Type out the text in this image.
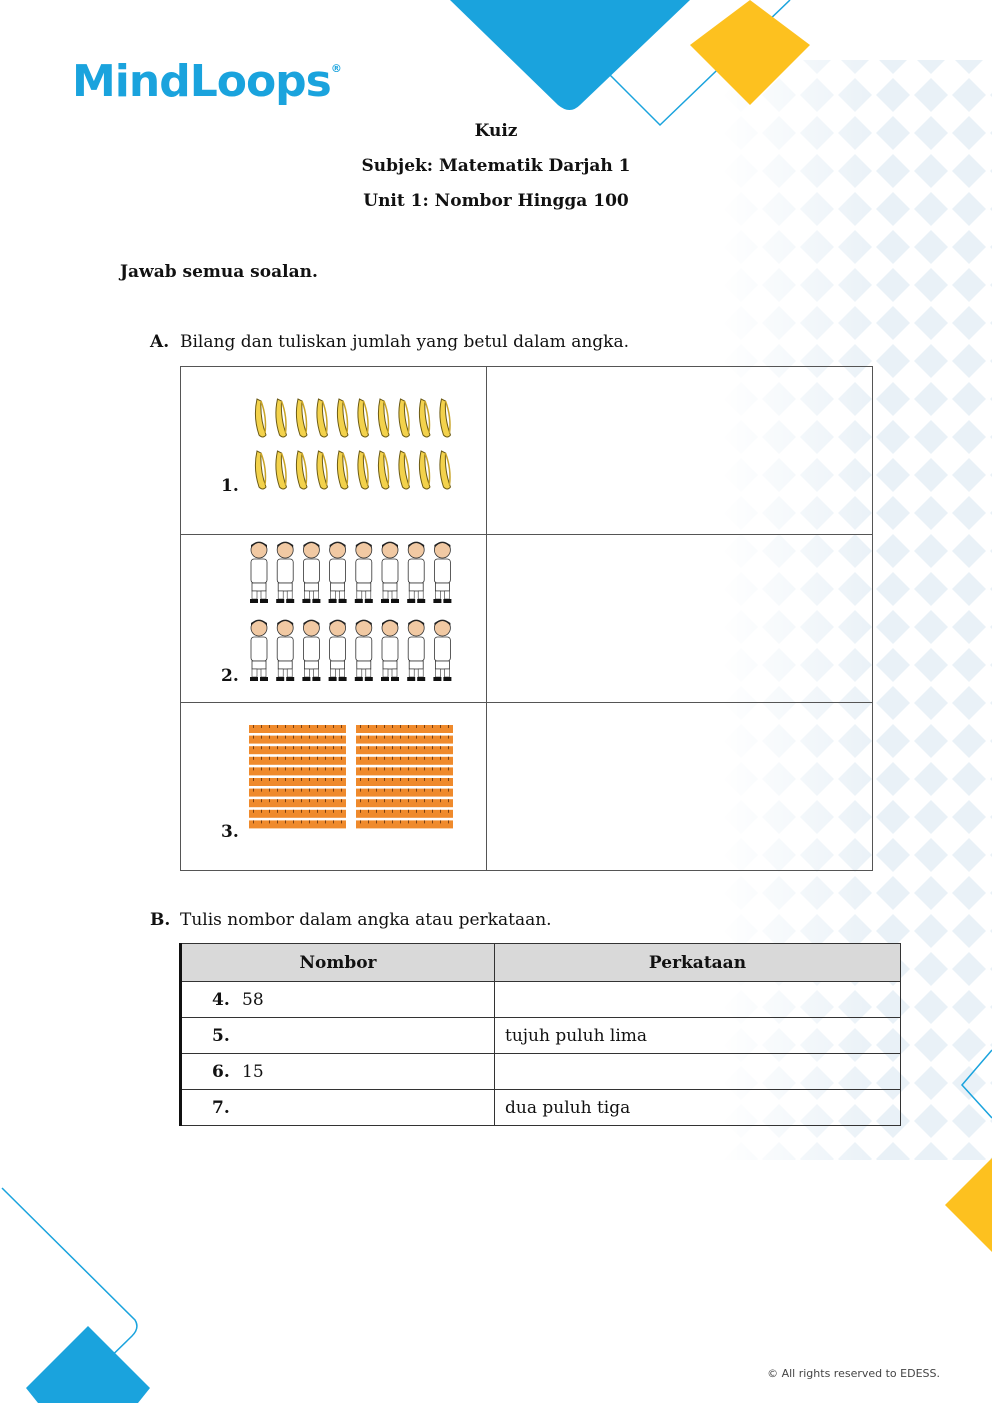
MindLoops®
Kuiz
Subjek: Matematik Darjah 1
Unit 1: Nombor Hingga 100
Jawab semua soalan.
A. Bilang dan tuliskan jumlah yang betul dalam angka.
1.	

2.	

3.	

B. Tulis nombor dalam angka atau perkataan.
Nombor	Perkataan
4. 58	
5.	tujuh puluh lima
6. 15	
7.	dua puluh tiga
© All rights reserved to EDESS.
